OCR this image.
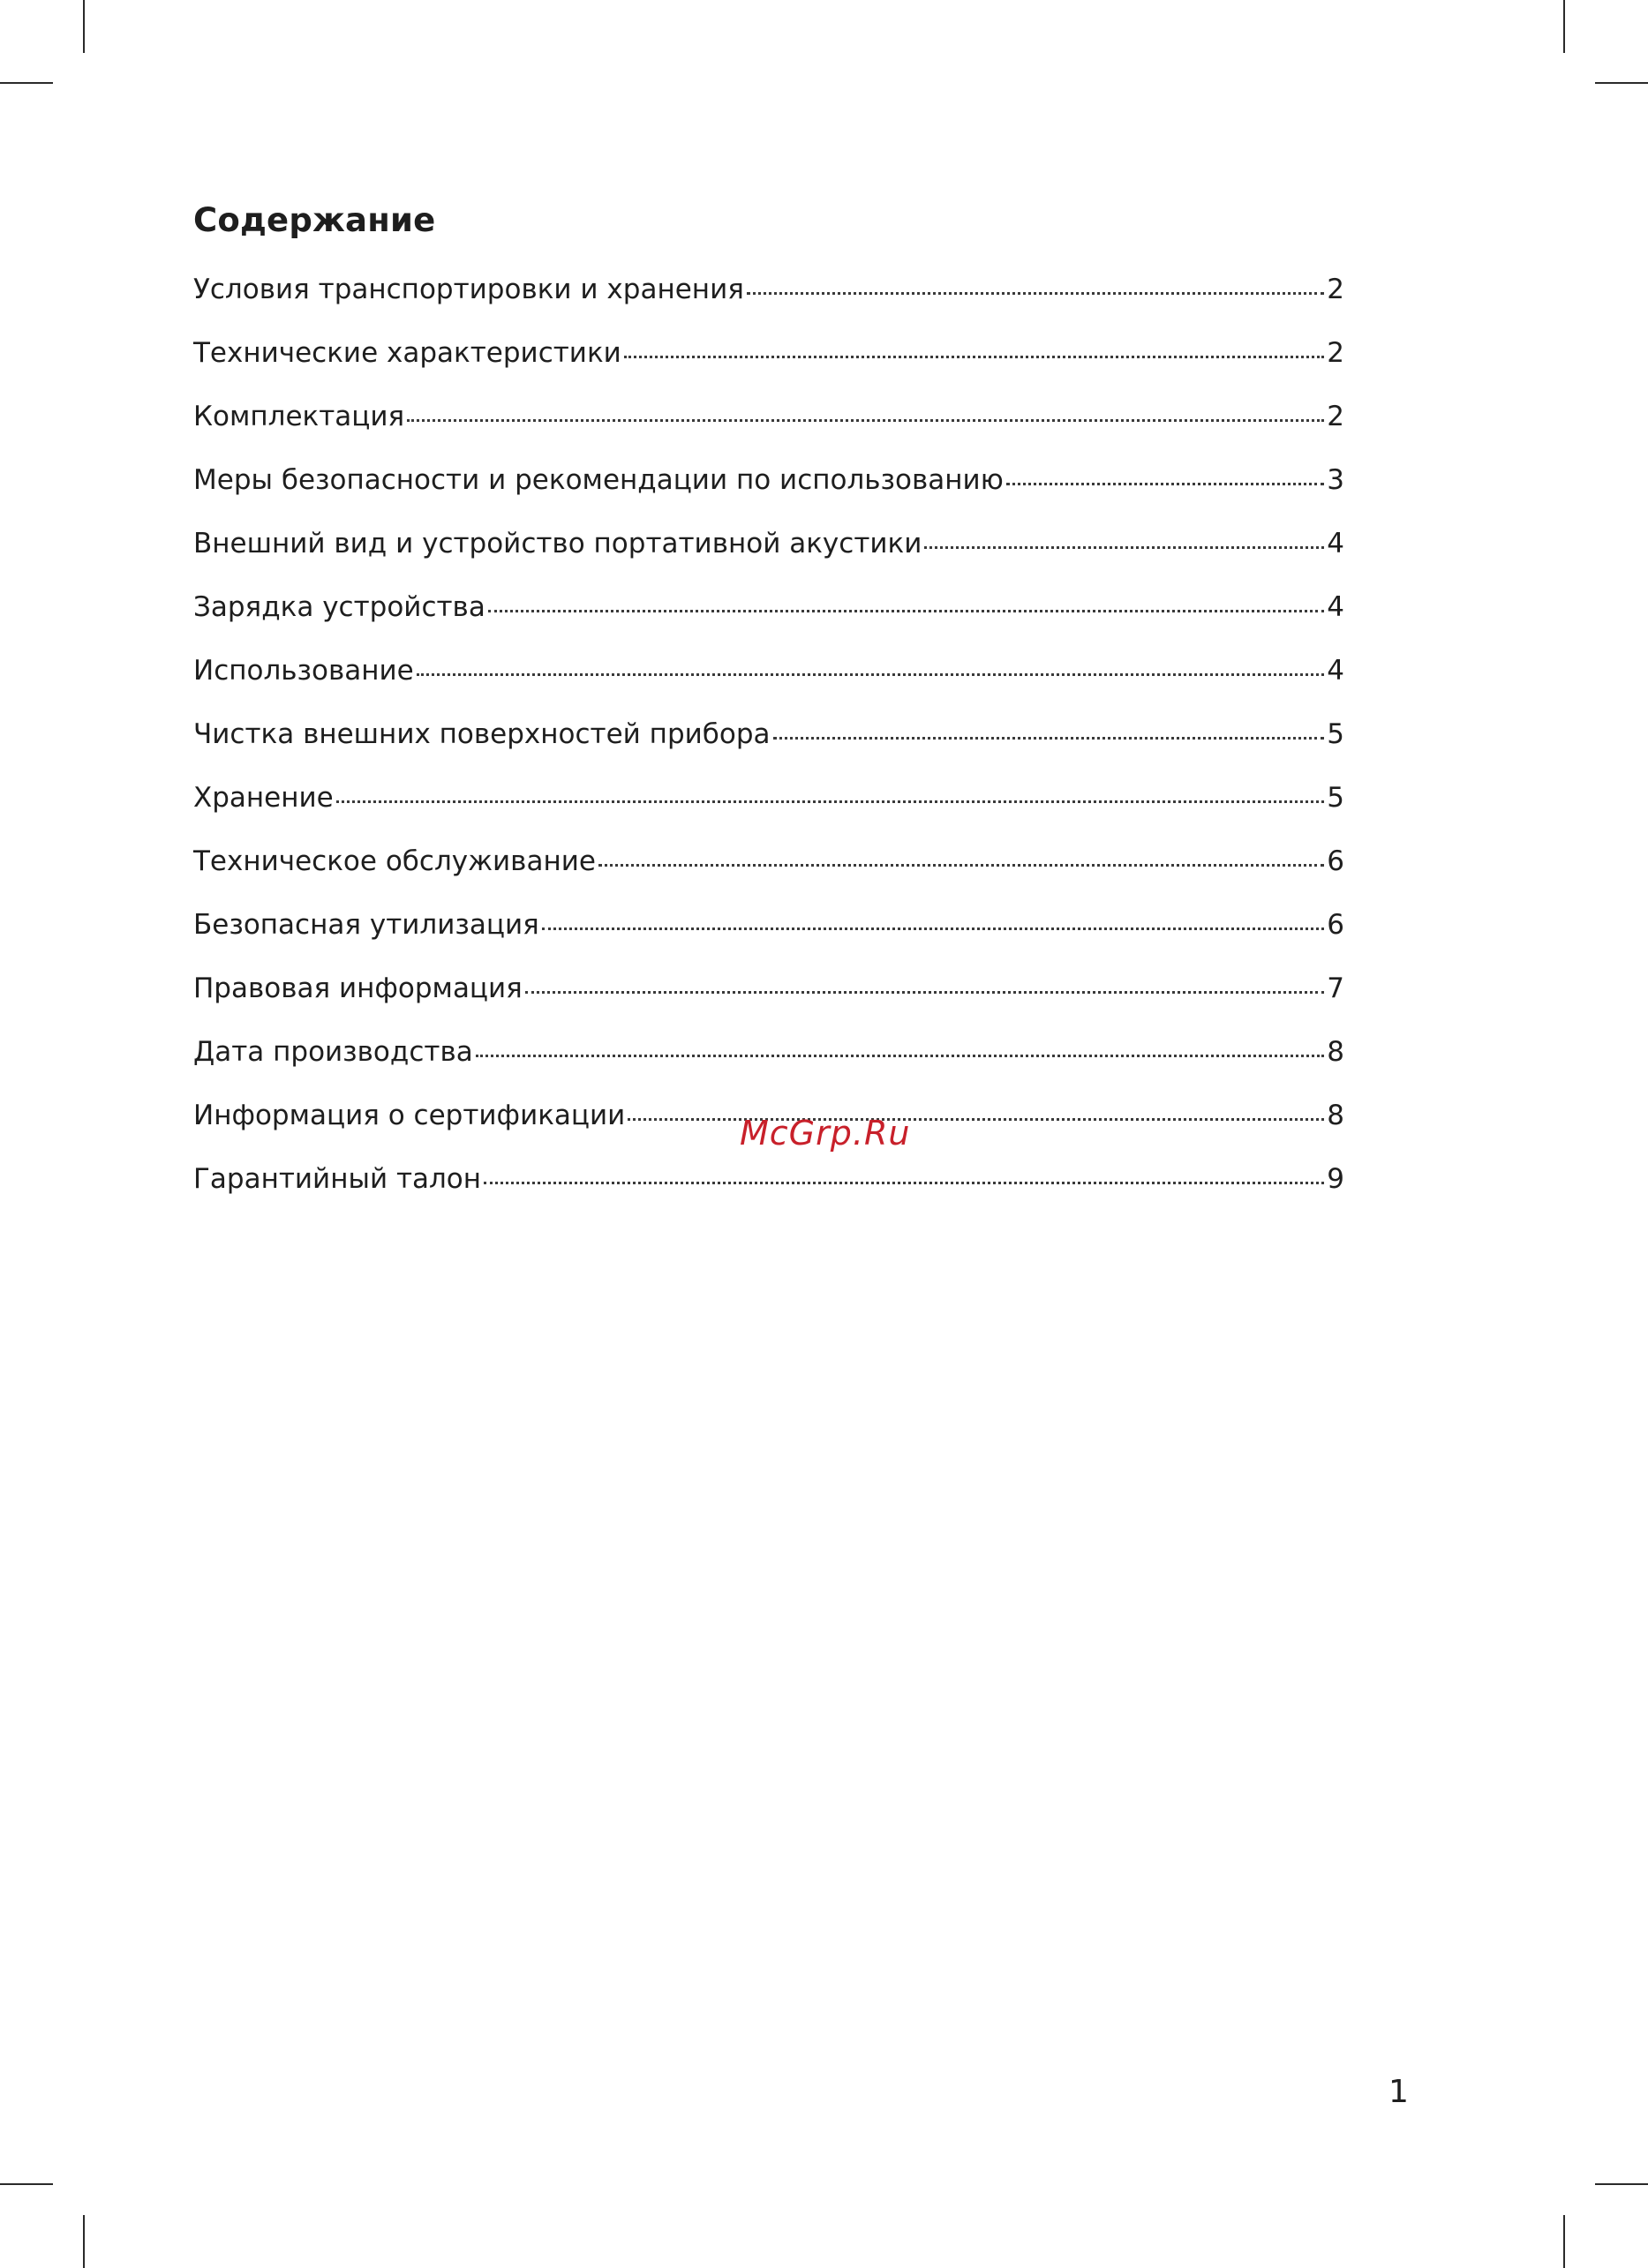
Содержание
Условия транспортировки и хранения	2
Технические характеристики	2
Комплектация	2
Меры безопасности и рекомендации по использованию	3
Внешний вид и устройство портативной акустики	4
Зарядка устройства	4
Использование	4
Чистка внешних поверхностей прибора	5
Хранение	5
Техническое обслуживание	6
Безопасная утилизация	6
Правовая информация	7
Дата производства	8
Информация о сертификации	8
Гарантийный талон	9
McGrp.Ru
1
